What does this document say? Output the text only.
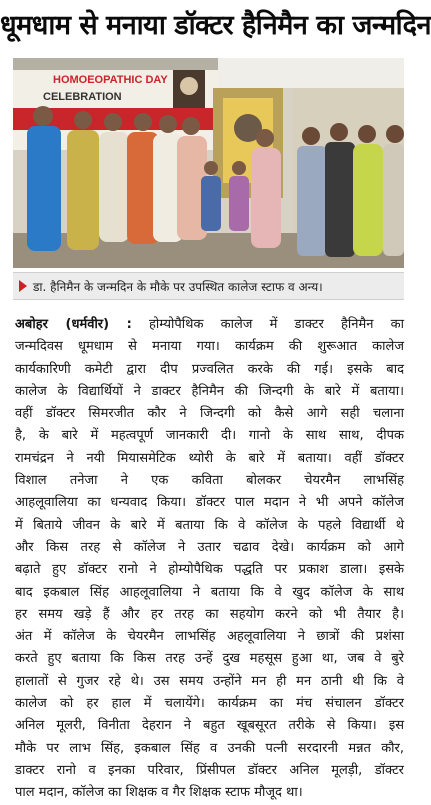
धूमधाम से मनाया डॉक्टर हैनिमैन का जन्मदिन
HOMOEOPATHIC DAY
CELEBRATION
डा. हैनिमैन के जन्मदिन के मौके पर उपस्थित कालेज स्टाफ व अन्य।
अबोहर (धर्मवीर) : होम्योपैथिक कालेज में डाक्टर हैनिमैन का
जन्मदिवस धूमधाम से मनाया गया। कार्यक्रम की शुरूआत कालेज
कार्यकारिणी कमेटी द्वारा दीप प्रज्वलित करके की गई। इसके बाद
कालेज के विद्यार्थियों ने डाक्टर हैनिमैन की जिन्दगी के बारे में बताया।
वहीं डॉक्टर सिमरजीत कौर ने जिन्दगी को कैसे आगे सही चलाना
है, के बारे में महत्वपूर्ण जानकारी दी। गानो के साथ साथ, दीपक
रामचंद्रन ने नयी मियासमेटिक थ्योरी के बारे में बताया। वहीं डॉक्टर
विशाल तनेजा ने एक कविता बोलकर चेयरमैन लाभसिंह
आहलूवालिया का धन्यवाद किया। डॉक्टर पाल मदान ने भी अपने कॉलेज
में बिताये जीवन के बारे में बताया कि वे कॉलेज के पहले विद्यार्थी थे
और किस तरह से कॉलेज ने उतार चढाव देखे। कार्यक्रम को आगे
बढ़ाते हुए डॉक्टर रानो ने होम्योपैथिक पद्धति पर प्रकाश डाला। इसके
बाद इकबाल सिंह आहलूवालिया ने बताया कि वे खुद कॉलेज के साथ
हर समय खड़े हैं और हर तरह का सहयोग करने को भी तैयार है।
अंत में कॉलेज के चेयरमैन लाभसिंह अहलूवालिया ने छात्रों की प्रशंसा
करते हुए बताया कि किस तरह उन्हें दुख महसूस हुआ था, जब वे बुरे
हालातों से गुजर रहे थे। उस समय उन्होंने मन ही मन ठानी थी कि वे
कालेज को हर हाल में चलायेंगे। कार्यक्रम का मंच संचालन डॉक्टर
अनिल मूलरी, विनीता देहरान ने बहुत खूबसूरत तरीके से किया। इस
मौके पर लाभ सिंह, इकबाल सिंह व उनकी पत्नी सरदारनी मन्नत कौर,
डाक्टर रानो व इनका परिवार, प्रिंसीपल डॉक्टर अनिल मूलड़ी, डॉक्टर
पाल मदान, कॉलेज का शिक्षक व गैर शिक्षक स्टाफ मौजूद था।
